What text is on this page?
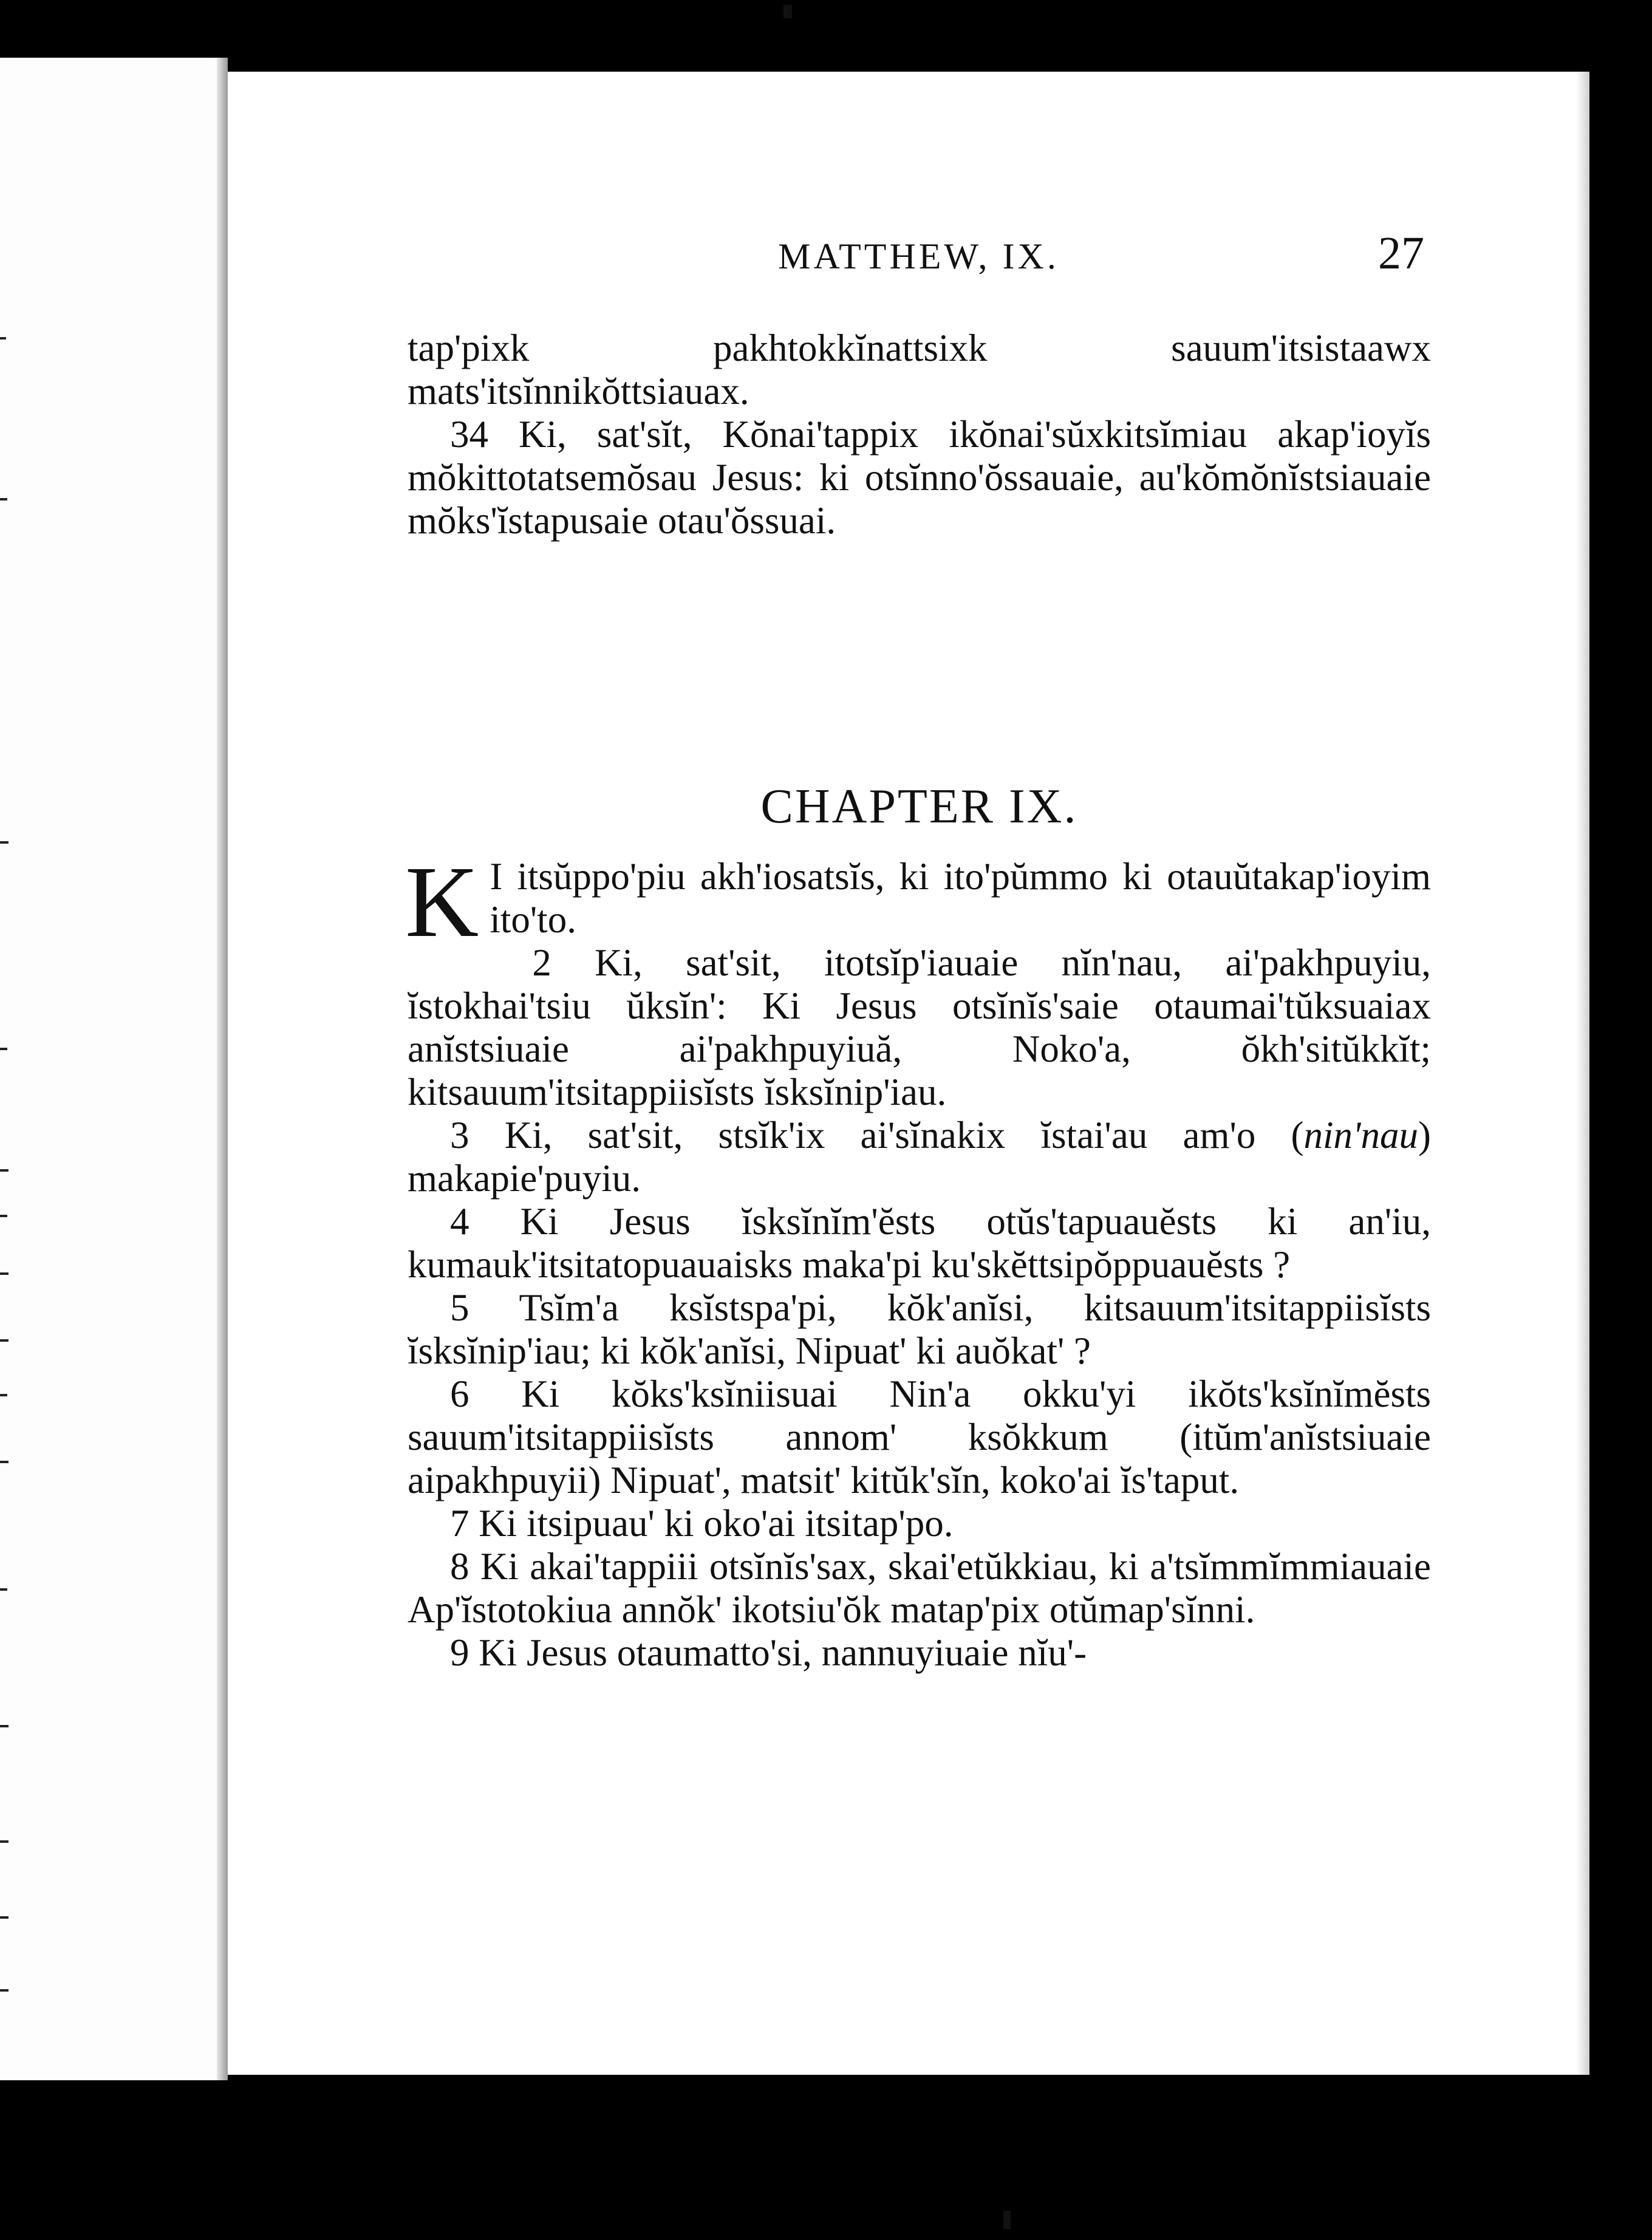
MATTHEW, IX.	27

tap'pixk pakhtokkĭnattsixk sauum'itsistaawx mats'itsĭnnikŏttsiauax.

34 Ki, sat'sĭt, Kŏnai'tappix ikŏnai'sŭxkitsĭmiau akap'ioyĭs mŏkittotatsemŏsau Jesus: ki otsĭnno'ŏssauaie, au'kŏmŏnĭstsiauaie mŏks'ĭstapusaie otau'ŏssuai.

CHAPTER IX.

K I itsŭppo'piu akh'iosatsĭs, ki ito'pŭmmo ki otauŭtakap'ioyim ito'to.

2 Ki, sat'sit, itotsĭp'iauaie nĭn'nau, ai'pakhpuyiu, ĭstokhai'tsiu ŭksĭn': Ki Jesus otsĭnĭs'saie otaumai'tŭksuaiax anĭstsiuaie ai'pakhpuyiuă, Noko'a, ŏkh'sitŭkkĭt; kitsauum'itsitappiisĭsts ĭsksĭnip'iau.

3 Ki, sat'sit, stsĭk'ix ai'sĭnakix ĭstai'au am'o (nin'nau) makapie'puyiu.

4 Ki Jesus ĭsksĭnĭm'ĕsts otŭs'tapuauĕsts ki an'iu, kumauk'itsitatopuauaisks maka'pi ku'skĕttsipŏppuauĕsts ?

5 Tsĭm'a ksĭstspa'pi, kŏk'anĭsi, kitsauum'itsitappiisĭsts ĭsksĭnip'iau; ki kŏk'anĭsi, Nipuat' ki auŏkat' ?

6 Ki kŏks'ksĭniisuai Nin'a okku'yi ikŏts'ksĭnĭmĕsts sauum'itsitappiisĭsts annom' ksŏkkum (itŭm'anĭstsiuaie aipakhpuyii) Nipuat', matsit' kitŭk'sĭn, koko'ai ĭs'taput.

7 Ki itsipuau' ki oko'ai itsitap'po.

8 Ki akai'tappiii otsĭnĭs'sax, skai'etŭkkiau, ki a'tsĭmmĭmmiauaie Ap'ĭstotokiua annŏk' ikotsiu'ŏk matap'pix otŭmap'sĭnni.

9 Ki Jesus otaumatto'si, nannuyiuaie nĭu'-
